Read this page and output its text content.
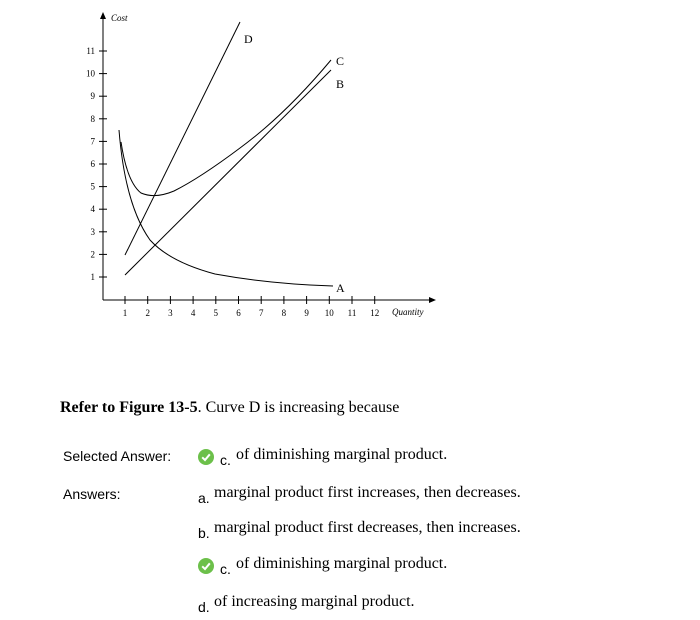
Cost
Quantity
1
2
3
4
5
6
7
8
9
10
11
1 2 3 4 5 6 7 8 9 10 11 12
D
C
B
A
Refer to Figure 13-5. Curve D is increasing because
Selected Answer:	c. of diminishing marginal product.
Answers:	a. marginal product first increases, then decreases.
b. marginal product first decreases, then increases.
c. of diminishing marginal product.
d. of increasing marginal product.
